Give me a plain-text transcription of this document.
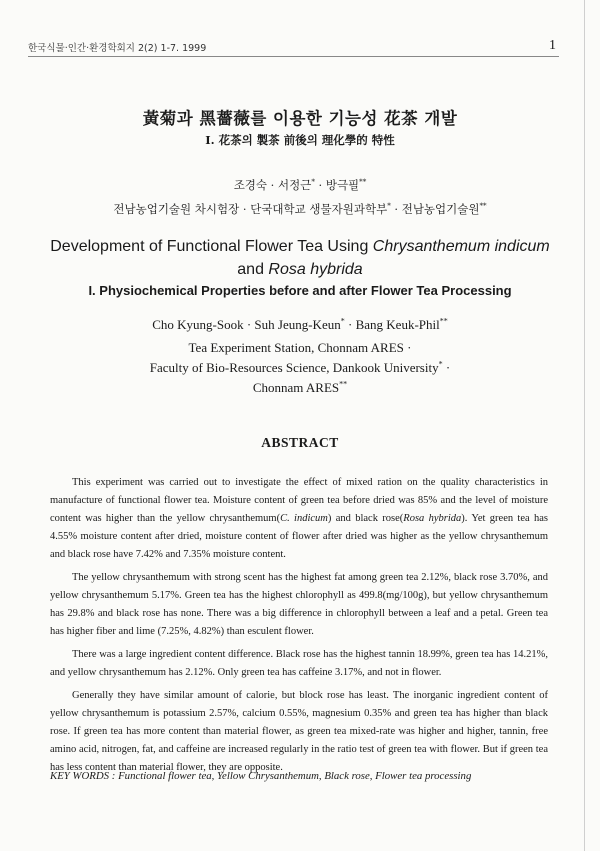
한국식물·인간·환경학회지 2(2) 1-7. 1999	1
黃菊과 黑薔薇를 이용한 기능성 花茶 개발
Ⅰ. 花茶의 製茶 前後의 理化學的 特性
조경숙 · 서정근* · 방극필**
전남농업기술원 차시험장 · 단국대학교 생물자원과학부* · 전남농업기술원**
Development of Functional Flower Tea Using Chrysanthemum indicum
and Rosa hybrida
I. Physiochemical Properties before and after Flower Tea Processing
Cho Kyung-Sook · Suh Jeung-Keun* · Bang Keuk-Phil**
Tea Experiment Station, Chonnam ARES ·
Faculty of Bio-Resources Science, Dankook University* ·
Chonnam ARES**
ABSTRACT

This experiment was carried out to investigate the effect of mixed ration on the quality characteristics in manufacture of functional flower tea. Moisture content of green tea before dried was 85% and the level of moisture content was higher than the yellow chrysanthemum(C. indicum) and black rose(Rosa hybrida). Yet green tea has 4.55% moisture content after dried, moisture content of flower after dried was higher as the yellow chrysanthemum and black rose have 7.42% and 7.35% moisture content.

The yellow chrysanthemum with strong scent has the highest fat among green tea 2.12%, black rose 3.70%, and yellow chrysanthemum 5.17%. Green tea has the highest chlorophyll as 499.8(mg/100g), but yellow chrysanthemum has 29.8% and black rose has none. There was a big difference in chlorophyll between a leaf and a petal. Green tea has higher fiber and lime (7.25%, 4.82%) than esculent flower.

There was a large ingredient content difference. Black rose has the highest tannin 18.99%, green tea has 14.21%, and yellow chrysanthemum has 2.12%. Only green tea has caffeine 3.17%, and not in flower.

Generally they have similar amount of calorie, but block rose has least. The inorganic ingredient content of yellow chrysanthemum is potassium 2.57%, calcium 0.55%, magnesium 0.35% and green tea has higher than black rose. If green tea has more content than material flower, as green tea mixed-rate was higher and higher, tannin, free amino acid, nitrogen, fat, and caffeine are increased regularly in the ratio test of green tea with flower. But if green tea has less content than material flower, they are opposite.

KEY WORDS : Functional flower tea, Yellow Chrysanthemum, Black rose, Flower tea processing
